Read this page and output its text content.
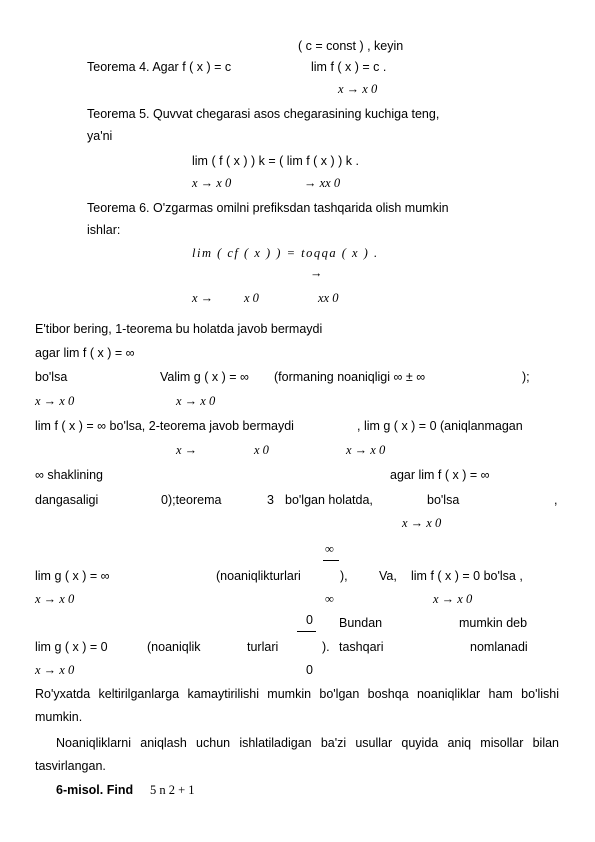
( c = const ) , keyin
Teorema 4. Agar f ( x ) = c	lim f ( x ) = c .
x → x 0
Teorema 5. Quvvat chegarasi asos chegarasining kuchiga teng,
ya'ni
lim ( f ( x ) ) k = ( lim f ( x ) ) k .
x → x 0	→ xx 0
Teorema 6. O'zgarmas omilni prefiksdan tashqarida olish mumkin
ishlar:
lim ( cf ( x ) ) = toqqa ( x ) .
→
x → x 0	xx 0
E'tibor bering, 1-teorema bu holatda javob bermaydi
agar lim f ( x ) = ∞
bo'lsa	Valim g ( x ) = ∞ (formaning noaniqligi ∞ ± ∞	);
x → x 0	x → x 0
lim f ( x ) = ∞ bo'lsa, 2-teorema javob bermaydi	, lim g ( x ) = 0 (aniqlanmagan
x →	x 0	x → x 0
∞ shaklining	agar lim f ( x ) = ∞
dangasaligi	0);teorema	3 bo'lgan holatda,	bo'lsa	,
x → x 0
∞
lim g ( x ) = ∞	(noaniqlikturlari	),	Va, lim f ( x ) = 0 bo'lsa ,
x → x 0	∞	x → x 0
0 Bundan	mumkin deb
lim g ( x ) = 0	(noaniqlik	turlari	). tashqari	nomlanadi
x → x 0	0
Ro'yxatda keltirilganlarga kamaytirilishi mumkin bo'lgan boshqa noaniqliklar ham bo'lishi
mumkin.
Noaniqliklarni aniqlash uchun ishlatiladigan ba'zi usullar quyida aniq misollar bilan
tasvirlangan.
6-misol. Find 5 n 2 + 1
